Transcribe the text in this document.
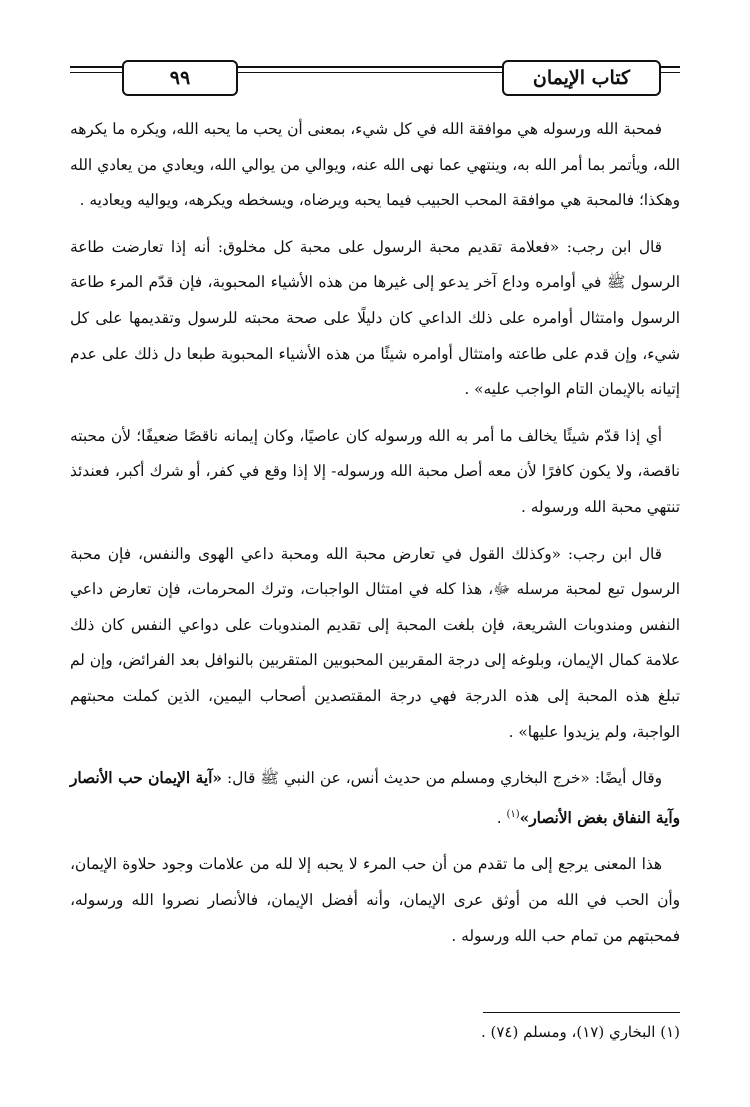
٩٩	كتاب الإيمان

فمحبة الله ورسوله هي موافقة الله في كل شيء، بمعنى أن يحب ما يحبه الله، ويكره ما يكرهه الله، ويأتمر بما أمر الله به، وينتهي عما نهى الله عنه، ويوالي من يوالي الله، ويعادي من يعادي الله وهكذا؛ فالمحبة هي موافقة المحب الحبيب فيما يحبه ويرضاه، ويسخطه ويكرهه، ويواليه ويعاديه .

قال ابن رجب: «فعلامة تقديم محبة الرسول على محبة كل مخلوق: أنه إذا تعارضت طاعة الرسول ﷺ في أوامره وداع آخر يدعو إلى غيرها من هذه الأشياء المحبوبة، فإن قدّم المرء طاعة الرسول وامتثال أوامره على ذلك الداعي كان دليلًا على صحة محبته للرسول وتقديمها على كل شيء، وإن قدم على طاعته وامتثال أوامره شيئًا من هذه الأشياء المحبوبة طبعا دل ذلك على عدم إتيانه بالإيمان التام الواجب عليه» .

أي إذا قدّم شيئًا يخالف ما أمر به الله ورسوله كان عاصيًا، وكان إيمانه ناقصًا ضعيفًا؛ لأن محبته ناقصة، ولا يكون كافرًا لأن معه أصل محبة الله ورسوله- إلا إذا وقع في كفر، أو شرك أكبر، فعندئذ تنتهي محبة الله ورسوله .

قال ابن رجب: «وكذلك القول في تعارض محبة الله ومحبة داعي الهوى والنفس، فإن محبة الرسول تبع لمحبة مرسله ﷻ، هذا كله في امتثال الواجبات، وترك المحرمات، فإن تعارض داعي النفس ومندوبات الشريعة، فإن بلغت المحبة إلى تقديم المندوبات على دواعي النفس كان ذلك علامة كمال الإيمان، وبلوغه إلى درجة المقربين المحبوبين المتقربين بالنوافل بعد الفرائض، وإن لم تبلغ هذه المحبة إلى هذه الدرجة فهي درجة المقتصدين أصحاب اليمين، الذين كملت محبتهم الواجبة، ولم يزيدوا عليها» .

وقال أيضًا: «خرج البخاري ومسلم من حديث أنس، عن النبي ﷺ قال: «آية الإيمان حب الأنصار وآية النفاق بغض الأنصار»$^{(١)}$ .

هذا المعنى يرجع إلى ما تقدم من أن حب المرء لا يحبه إلا لله من علامات وجود حلاوة الإيمان، وأن الحب في الله من أوثق عرى الإيمان، وأنه أفضل الإيمان، فالأنصار نصروا الله ورسوله، فمحبتهم من تمام حب الله ورسوله .

(١) البخاري (١٧)، ومسلم (٧٤) .
